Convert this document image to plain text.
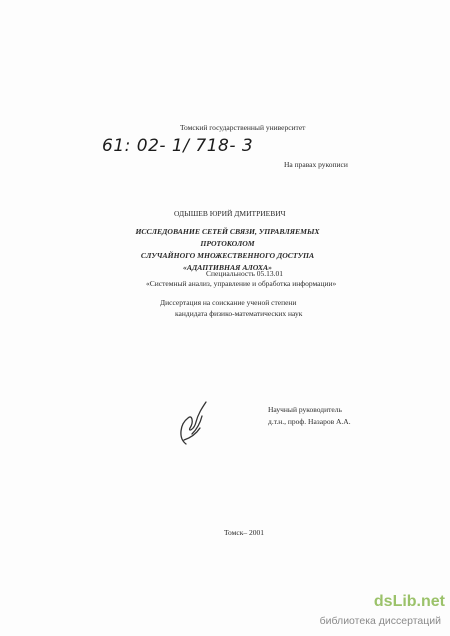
Томский государственный университет
61: 02- 1/ 718- 3
На правах рукописи
ОДЫШЕВ ЮРИЙ ДМИТРИЕВИЧ
ИССЛЕДОВАНИЕ СЕТЕЙ СВЯЗИ, УПРАВЛЯЕМЫХ ПРОТОКОЛОМ
СЛУЧАЙНОГО МНОЖЕСТВЕННОГО ДОСТУПА
«АДАПТИВНАЯ АЛОХА»
Специальность 05.13.01
«Системный анализ, управление и обработка информации»
Диссертация на соискание ученой степени
кандидата физико-математических наук
Научный руководитель
д.т.н., проф. Назаров А.А.
Томск– 2001
dsLib.net
библиотека диссертаций
